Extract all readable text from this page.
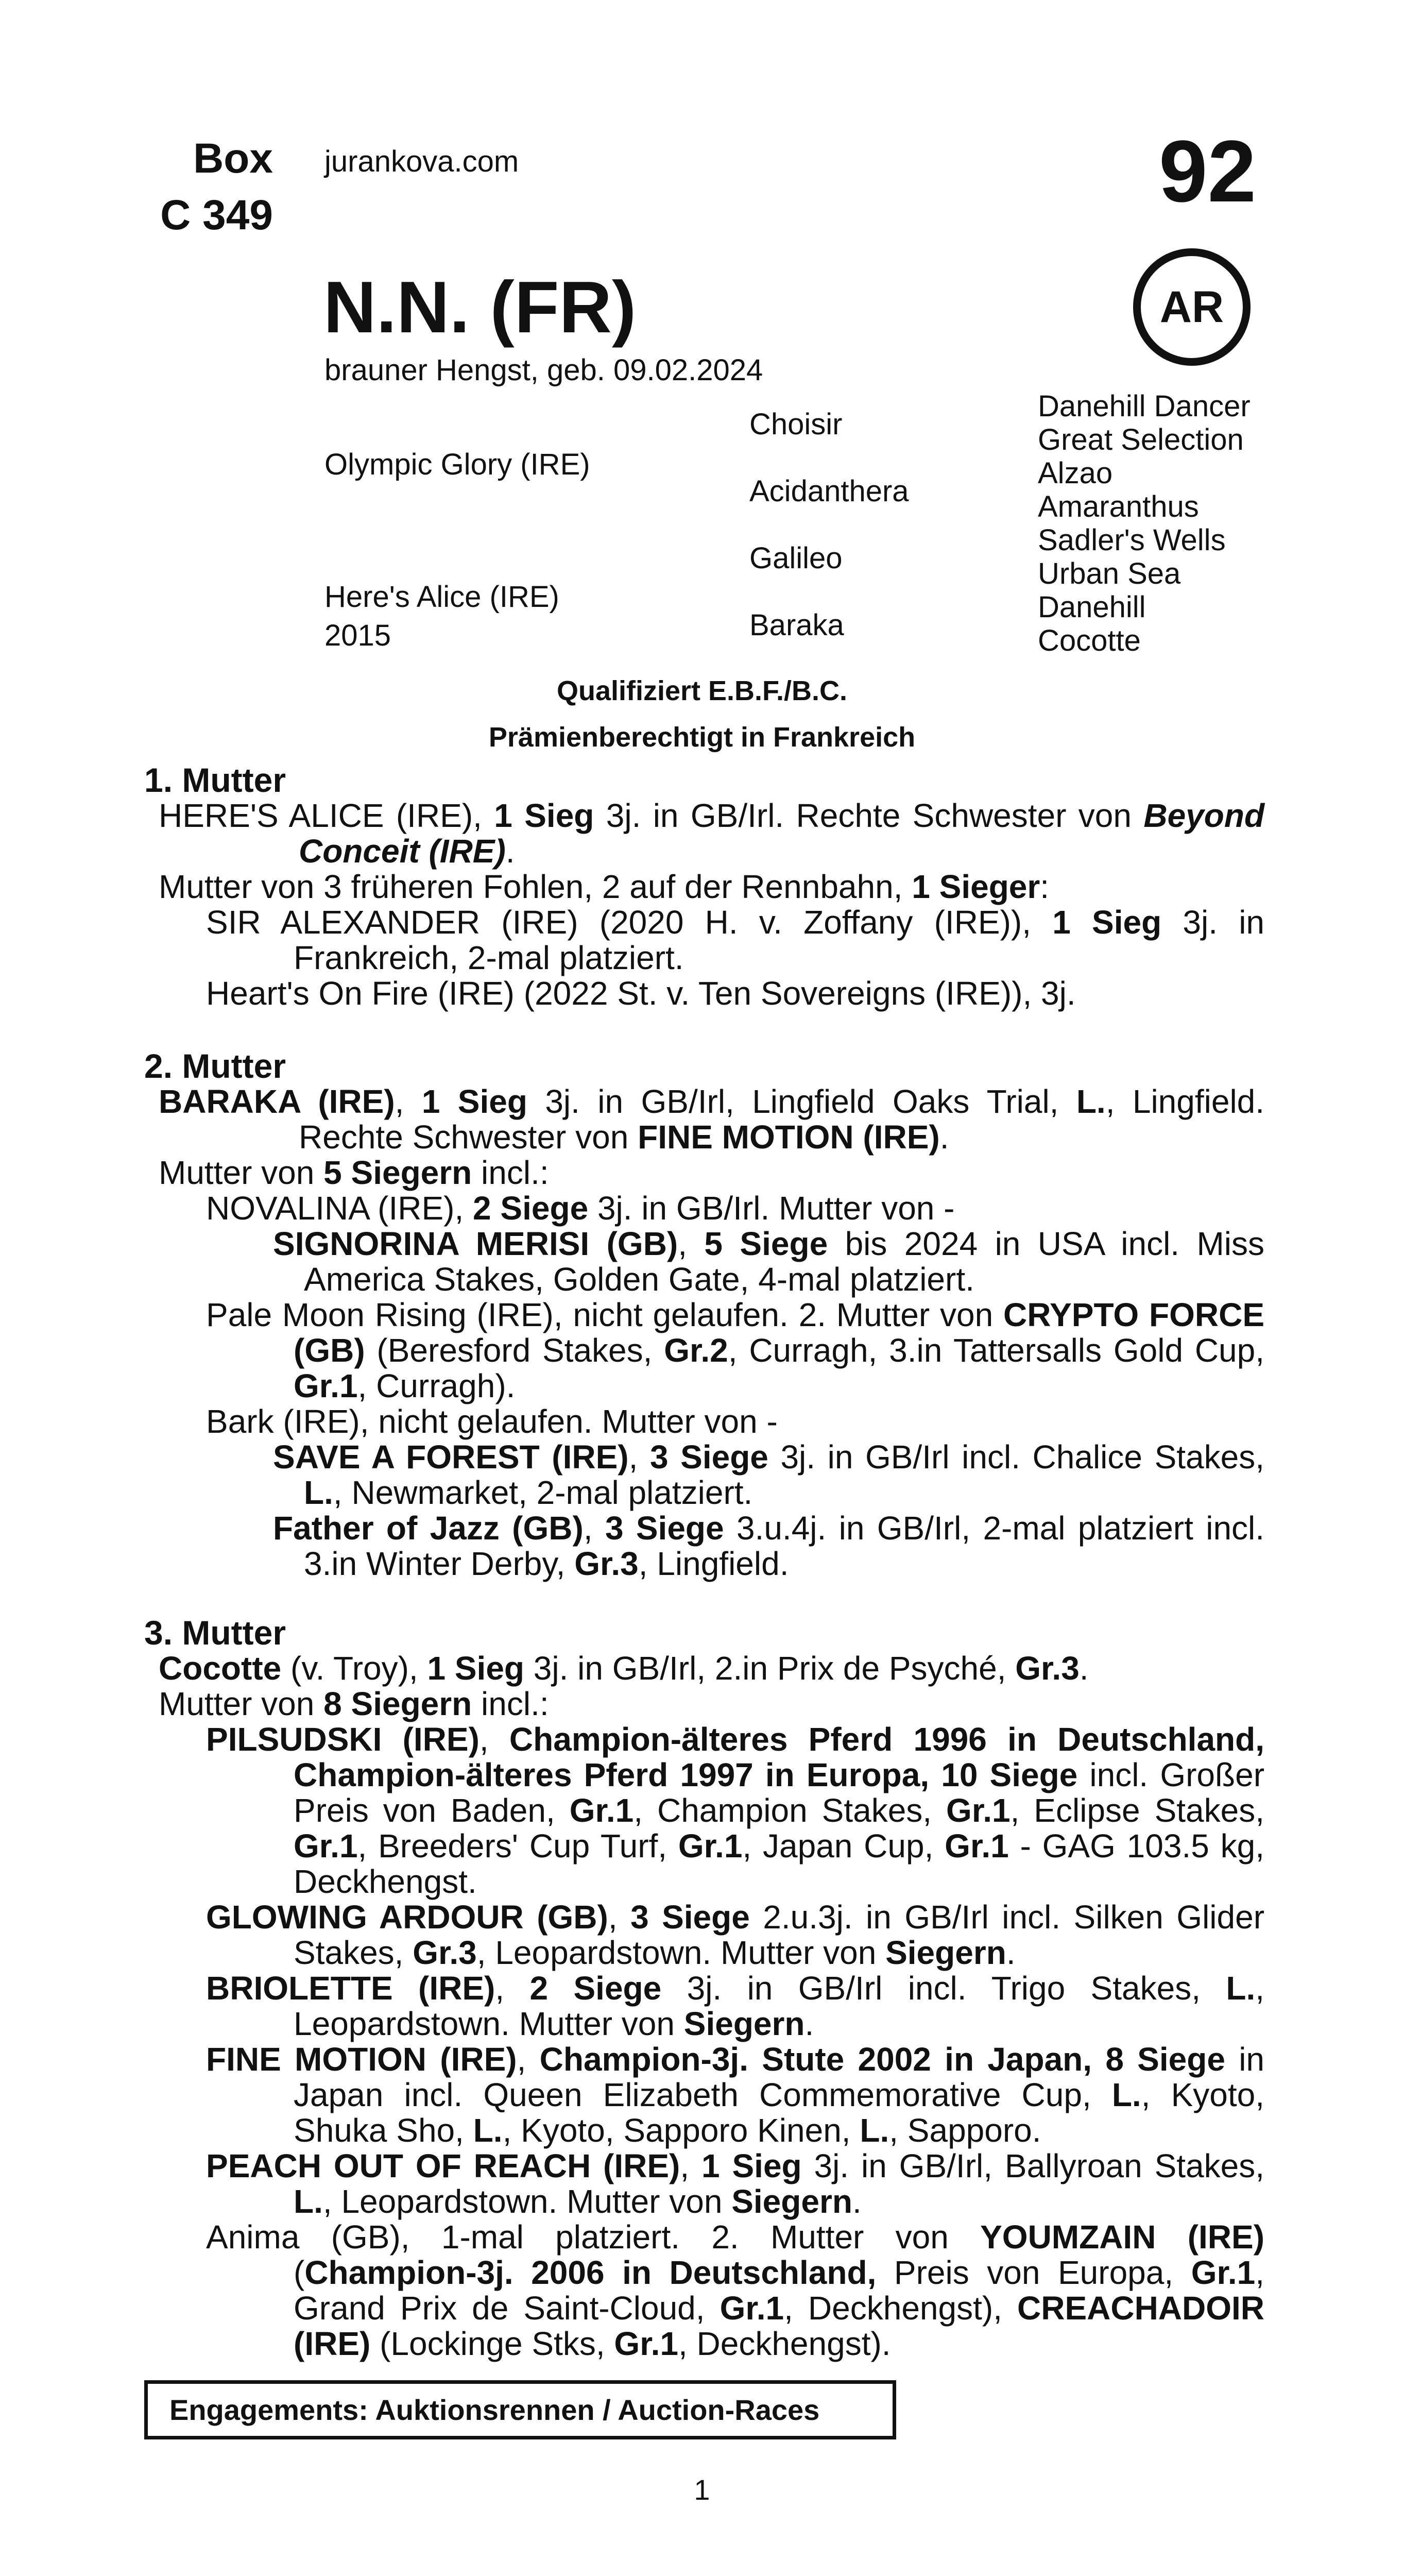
Box
C 349
jurankova.com	92
AR
N.N. (FR)
brauner Hengst, geb. 09.02.2024
Olympic Glory (IRE)
Here's Alice (IRE)
2015
Choisir
Acidanthera
Galileo
Baraka
Danehill Dancer
Great Selection
Alzao
Amaranthus
Sadler's Wells
Urban Sea
Danehill
Cocotte
Qualifiziert E.B.F./B.C.
Prämienberechtigt in Frankreich
1. Mutter

HERE'S ALICE (IRE), 1 Sieg 3j. in GB/Irl. Rechte Schwester von Beyond Conceit (IRE).

Mutter von 3 früheren Fohlen, 2 auf der Rennbahn, 1 Sieger:

SIR ALEXANDER (IRE) (2020 H. v. Zoffany (IRE)), 1 Sieg 3j. in Frankreich, 2-mal platziert.

Heart's On Fire (IRE) (2022 St. v. Ten Sovereigns (IRE)), 3j.

2. Mutter

BARAKA (IRE), 1 Sieg 3j. in GB/Irl, Lingfield Oaks Trial, L., Lingfield. Rechte Schwester von FINE MOTION (IRE).

Mutter von 5 Siegern incl.:

NOVALINA (IRE), 2 Siege 3j. in GB/Irl. Mutter von -

SIGNORINA MERISI (GB), 5 Siege bis 2024 in USA incl. Miss America Stakes, Golden Gate, 4-mal platziert.

Pale Moon Rising (IRE), nicht gelaufen. 2. Mutter von CRYPTO FORCE (GB) (Beresford Stakes, Gr.2, Curragh, 3.in Tattersalls Gold Cup, Gr.1, Curragh).

Bark (IRE), nicht gelaufen. Mutter von -

SAVE A FOREST (IRE), 3 Siege 3j. in GB/Irl incl. Chalice Stakes, L., Newmarket, 2-mal platziert.

Father of Jazz (GB), 3 Siege 3.u.4j. in GB/Irl, 2-mal platziert incl. 3.in Winter Derby, Gr.3, Lingfield.

3. Mutter

Cocotte (v. Troy), 1 Sieg 3j. in GB/Irl, 2.in Prix de Psyché, Gr.3.

Mutter von 8 Siegern incl.:

PILSUDSKI (IRE), Champion-älteres Pferd 1996 in Deutschland, Champion-älteres Pferd 1997 in Europa, 10 Siege incl. Großer Preis von Baden, Gr.1, Champion Stakes, Gr.1, Eclipse Stakes, Gr.1, Breeders' Cup Turf, Gr.1, Japan Cup, Gr.1 - GAG 103.5 kg, Deckhengst.

GLOWING ARDOUR (GB), 3 Siege 2.u.3j. in GB/Irl incl. Silken Glider Stakes, Gr.3, Leopardstown. Mutter von Siegern.

BRIOLETTE (IRE), 2 Siege 3j. in GB/Irl incl. Trigo Stakes, L., Leopardstown. Mutter von Siegern.

FINE MOTION (IRE), Champion-3j. Stute 2002 in Japan, 8 Siege in Japan incl. Queen Elizabeth Commemorative Cup, L., Kyoto, Shuka Sho, L., Kyoto, Sapporo Kinen, L., Sapporo.

PEACH OUT OF REACH (IRE), 1 Sieg 3j. in GB/Irl, Ballyroan Stakes, L., Leopardstown. Mutter von Siegern.

Anima (GB), 1-mal platziert. 2. Mutter von YOUMZAIN (IRE) (Champion-3j. 2006 in Deutschland, Preis von Europa, Gr.1, Grand Prix de Saint-Cloud, Gr.1, Deckhengst), CREACHADOIR (IRE) (Lockinge Stks, Gr.1, Deckhengst).

Engagements: Auktionsrennen / Auction-Races
1
